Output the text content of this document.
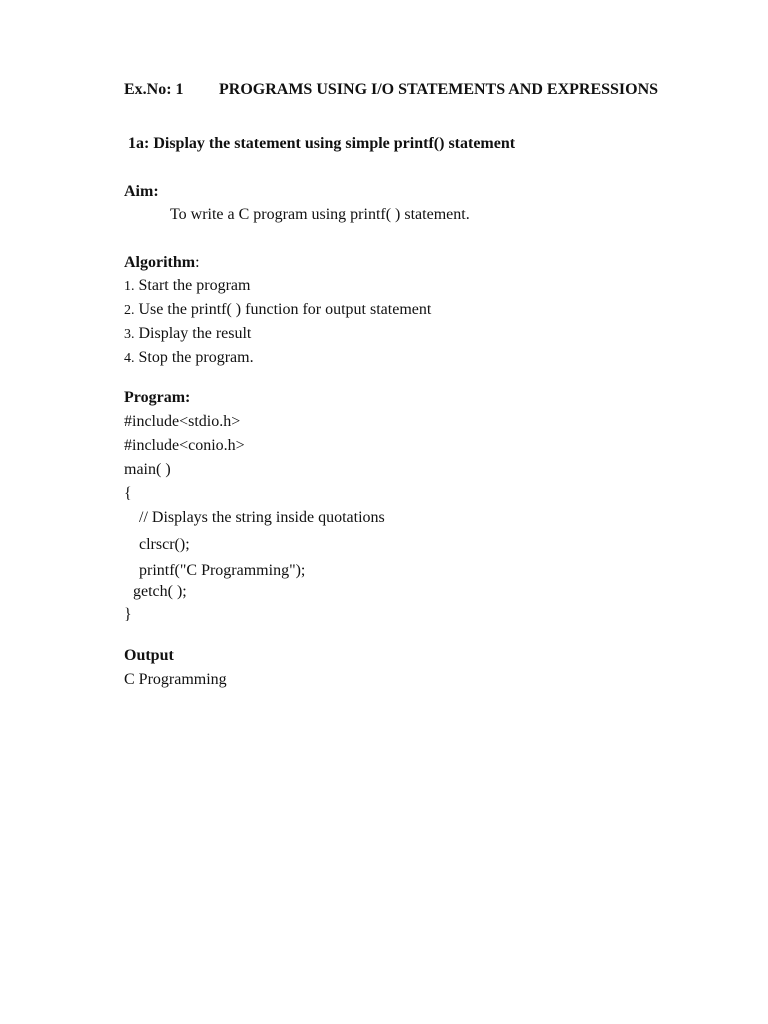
Ex.No: 1 PROGRAMS USING I/O STATEMENTS AND EXPRESSIONS
1a: Display the statement using simple printf() statement
Aim:
To write a C program using printf( ) statement.
Algorithm:
1. Start the program
2. Use the printf( ) function for output statement
3. Display the result
4. Stop the program.
Program:
#include<stdio.h>
#include<conio.h>
main( )
{
// Displays the string inside quotations
clrscr();
printf("C Programming");
getch( );
}
Output
C Programming
